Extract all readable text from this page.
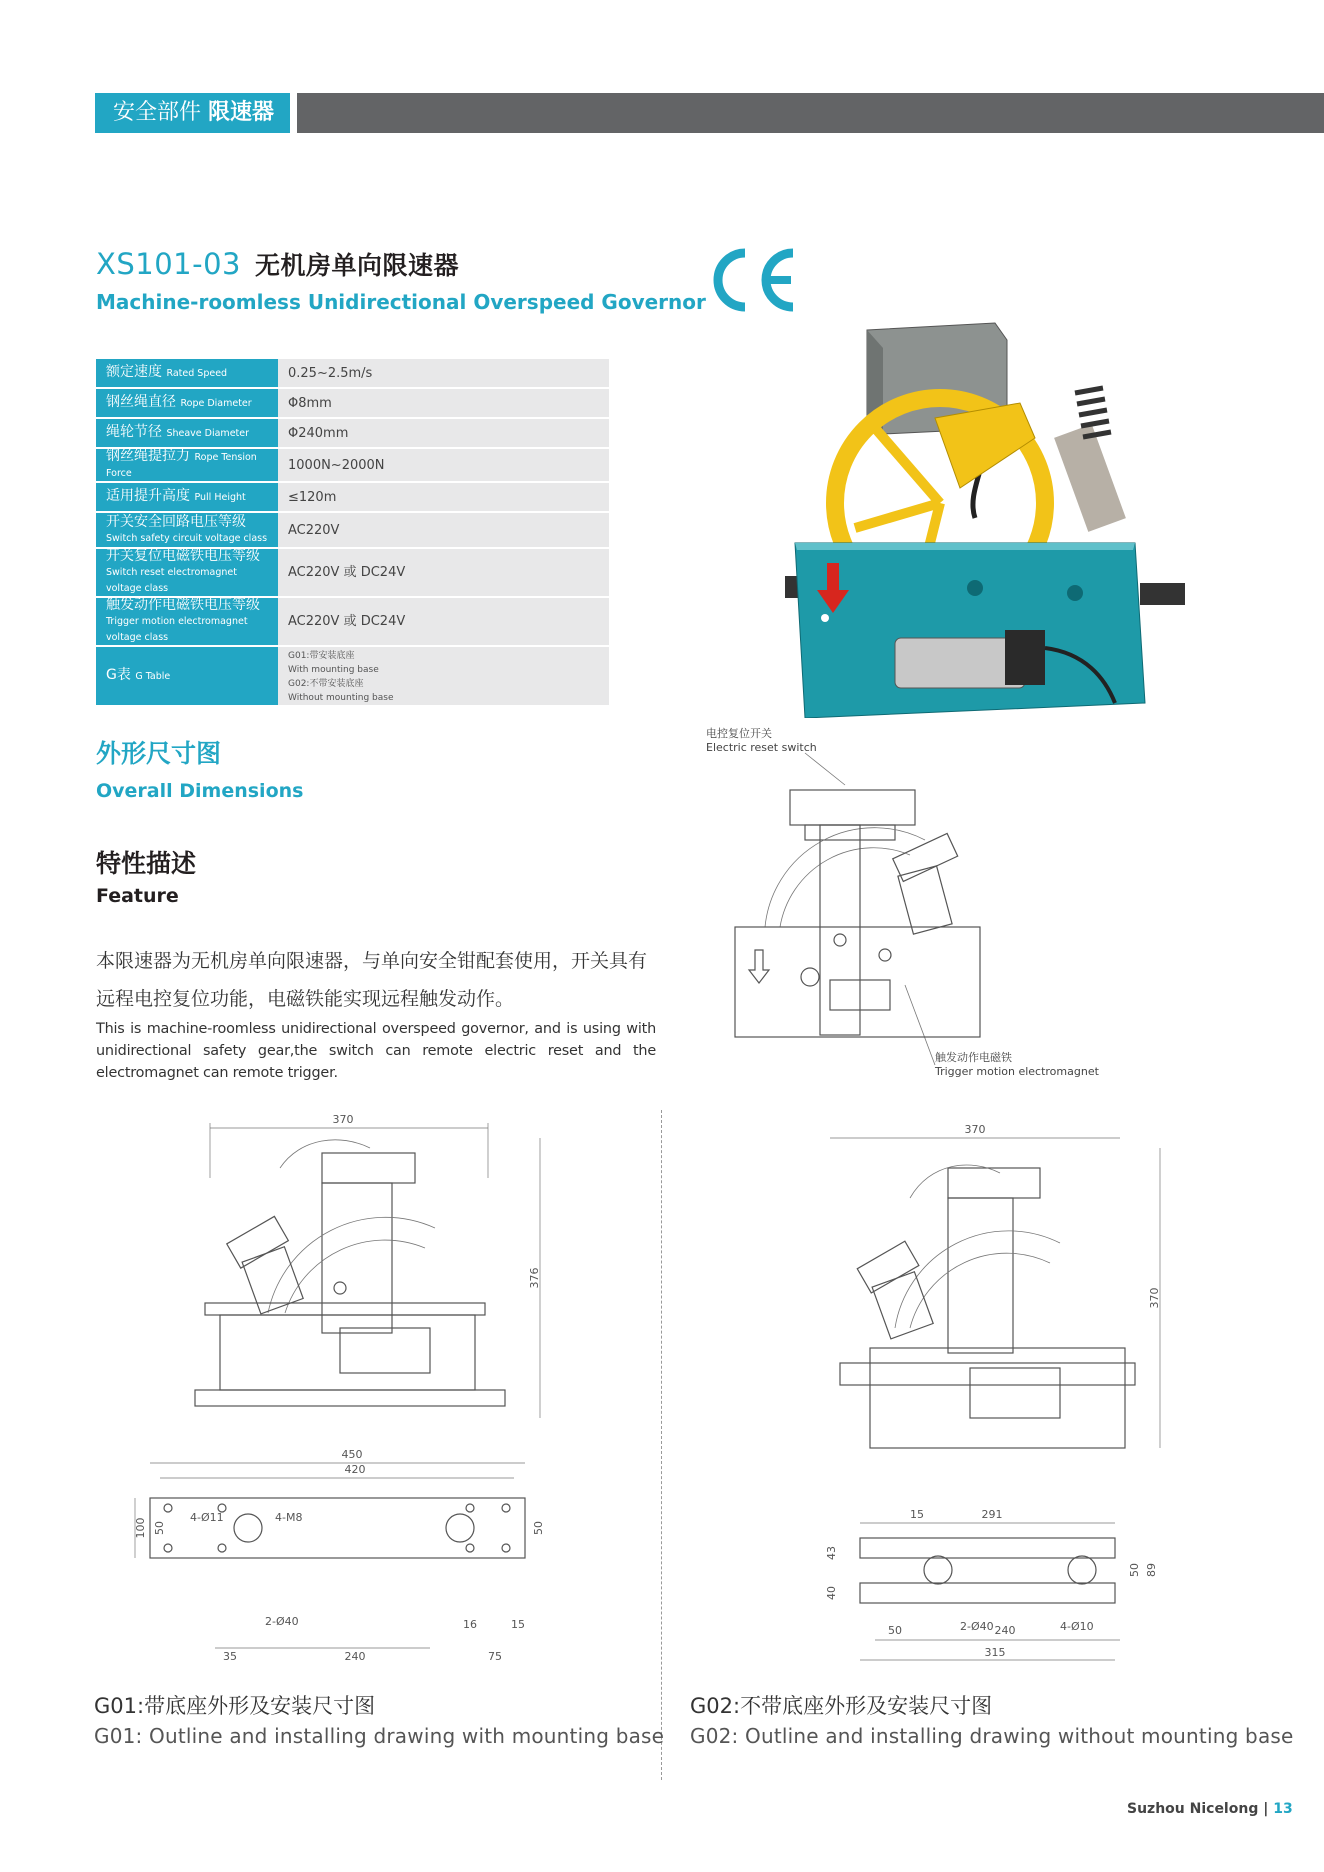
安全部件 限速器
XS101-03 无机房单向限速器
Machine-roomless Unidirectional Overspeed Governor
额定速度 Rated Speed	0.25~2.5m/s
钢丝绳直径 Rope Diameter	Φ8mm
绳轮节径 Sheave Diameter	Φ240mm
钢丝绳提拉力 Rope Tension Force	1000N~2000N
适用提升高度 Pull Height	≤120m
开关安全回路电压等级
Switch safety circuit voltage class	AC220V
开关复位电磁铁电压等级
Switch reset electromagnet voltage class	AC220V 或 DC24V
触发动作电磁铁电压等级
Trigger motion electromagnet voltage class	AC220V 或 DC24V
G表 G Table	G01:带安装底座
With mounting base
G02:不带安装底座
Without mounting base
外形尺寸图
Overall Dimensions
特性描述
Feature
本限速器为无机房单向限速器，与单向安全钳配套使用，开关具有远程电控复位功能，电磁铁能实现远程触发动作。
This is machine-roomless unidirectional overspeed governor, and is using with unidirectional safety gear,the switch can remote electric reset and the electromagnet can remote trigger.
电控复位开关
Electric reset switch
触发动作电磁铁
Trigger motion electromagnet
370
376
450
420
4-Ø11	4-M8
2-Ø40
100 50	50
35	240	75
16	15
370
370
15	291
43
40
50 89
2-Ø40	4-Ø10
50	240
315
G01:带底座外形及安装尺寸图
G01: Outline and installing drawing with mounting base
G02:不带底座外形及安装尺寸图
G02: Outline and installing drawing without mounting base
Suzhou Nicelong | 13
